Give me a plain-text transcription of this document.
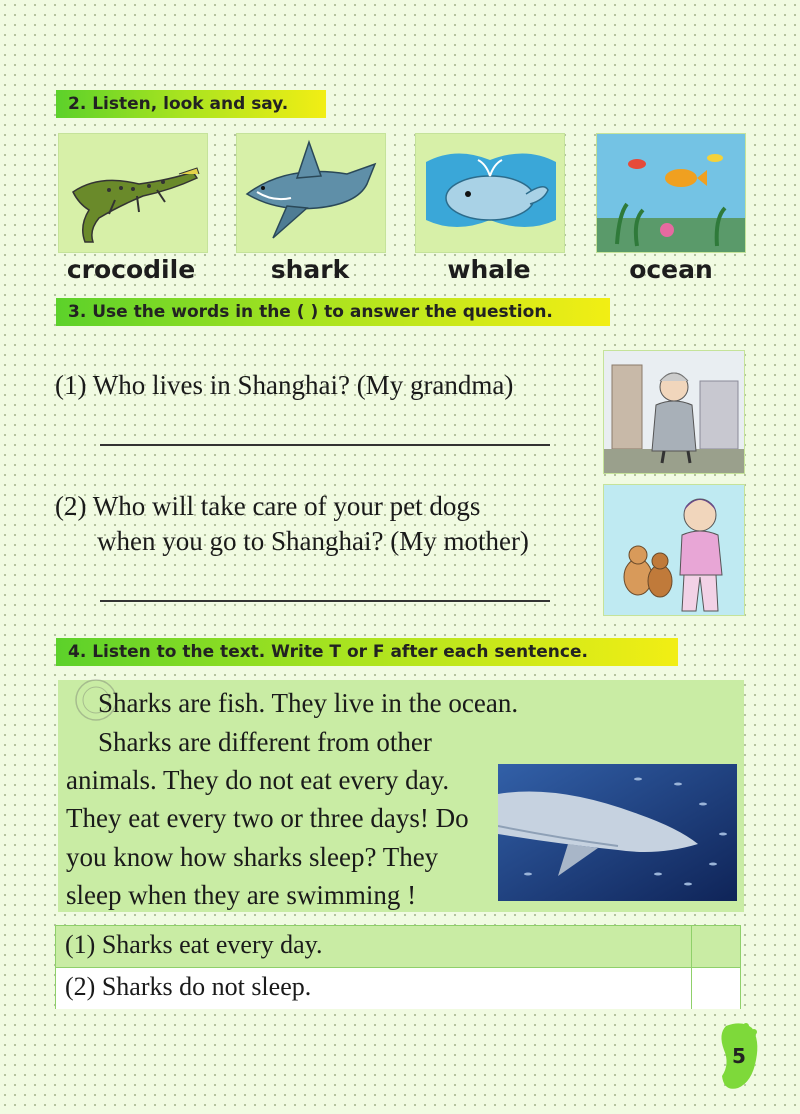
2. Listen, look and say.
crocodile	shark	whale	ocean
3. Use the words in the ( ) to answer the question.
(1) Who lives in Shanghai? (My grandma)
(2) Who will take care of your pet dogs
when you go to Shanghai? (My mother)
4. Listen to the text. Write T or F after each sentence.
Sharks are fish. They live in the ocean.
Sharks are different from other
animals. They do not eat every day.
They eat every two or three days! Do
you know how sharks sleep? They
sleep when they are swimming !
(1) Sharks eat every day.
(2) Sharks do not sleep.
5
